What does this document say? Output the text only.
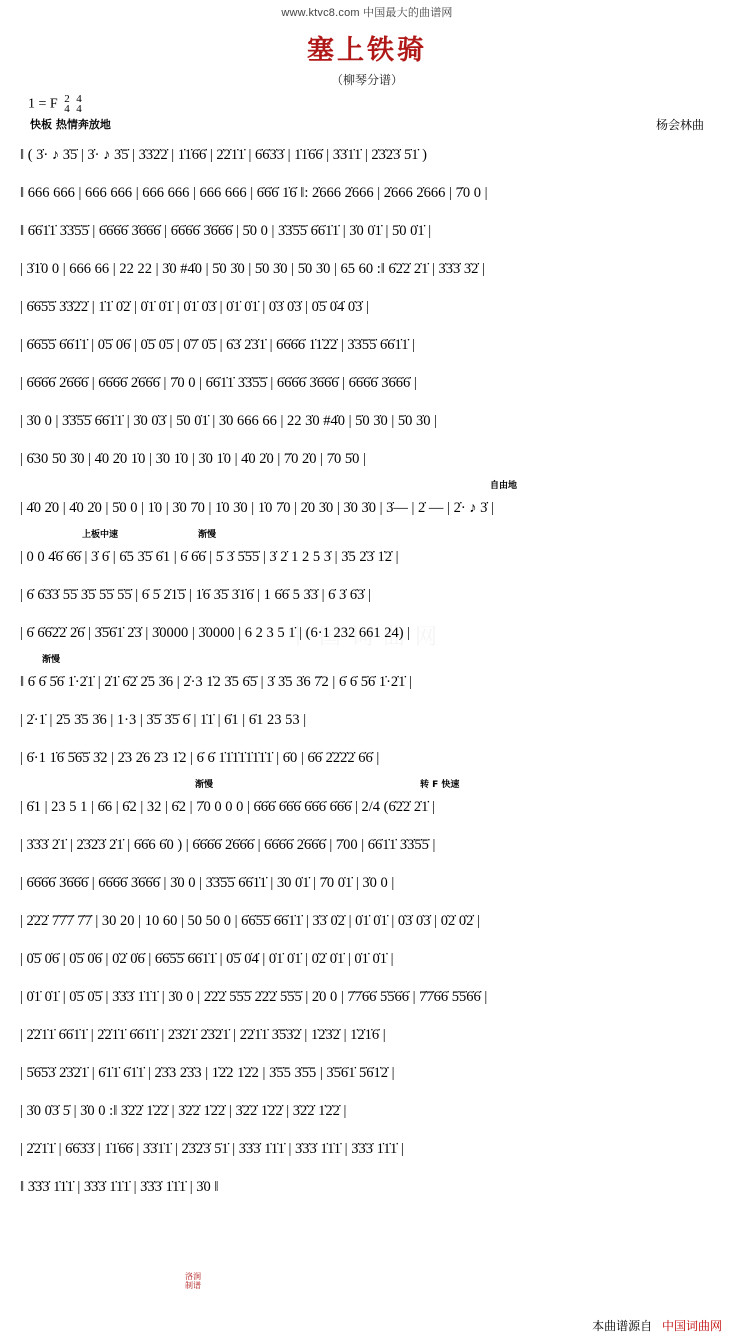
www.ktvc8.com 中国最大的曲谱网
塞上铁骑
（柳琴分谱）
1 = F 2
4 4
4
快板 热情奔放地	杨会林曲
‖ ( 3̇· ♪ 3̇5̇ | 3̇· ♪ 3̇5̇ | 3̇3̇2̇2̇ | 1̇1̇6̇6̇ | 2̇2̇1̇1̇ | 6̇6̇3̇3̇ | 1̇1̇6̇6̇ | 3̇3̇1̇1̇ | 2̇3̇2̇3̇ 5̇1̇ )
‖ 666 666 | 666 666 | 666 666 | 666 666 | 6̇6̇6̇ 1̇6̇ ‖: 2̇666 2̇666 | 2̇666 2̇666 | 7̇0 0 |
‖ 6̇6̇1̇1̇ 3̇3̇5̇5̇ | 6̇6̇6̇6̇ 3̇6̇6̇6̇ | 6̇6̇6̇6̇ 3̇6̇6̇6̇ | 5̇0 0 | 3̇3̇5̇5̇ 6̇6̇1̇1̇ | 3̇0 0̇1̇ | 5̇0 0̇1̇ |
| 3̇1̇0 0 | 666 66 | 22 22 | 3̇0 #4̇0 | 5̇0 3̇0 | 5̇0 3̇0 | 5̇0 3̇0 | 65 60 :‖ 6̇2̇2̇ 2̇1̇ | 3̇3̇3̇ 3̇2̇ |
| 6̇6̇5̇5̇ 3̇3̇2̇2̇ | 1̇1̇ 0̇2̇ | 0̇1̇ 0̇1̇ | 0̇1̇ 0̇3̇ | 0̇1̇ 0̇1̇ | 0̇3̇ 0̇3̇ | 0̇5̇ 0̇4̇ 0̇3̇ |
| 6̇6̇5̇5̇ 6̇6̇1̇1̇ | 0̇5̇ 0̇6̇ | 0̇5̇ 0̇5̇ | 0̇7̇ 0̇5̇ | 6̇3̇ 2̇3̇1̇ | 6̇6̇6̇6̇ 1̇1̇2̇2̇ | 3̇3̇5̇5̇ 6̇6̇1̇1̇ |
| 6̇6̇6̇6̇ 2̇6̇6̇6̇ | 6̇6̇6̇6̇ 2̇6̇6̇6̇ | 7̇0 0 | 6̇6̇1̇1̇ 3̇3̇5̇5̇ | 6̇6̇6̇6̇ 3̇6̇6̇6̇ | 6̇6̇6̇6̇ 3̇6̇6̇6̇ |
| 3̇0 0 | 3̇3̇5̇5̇ 6̇6̇1̇1̇ | 3̇0 0̇3̇ | 5̇0 0̇1̇ | 3̇0 666 66 | 22 3̇0 #4̇0 | 5̇0 3̇0 | 5̇0 3̇0 |
| 6̇30 5̇0 3̇0 | 4̇0 2̇0 1̇0 | 3̇0 1̇0 | 3̇0 1̇0 | 4̇0 2̇0 | 7̇0 2̇0 | 7̇0 5̇0 |
自由地
| 4̇0 2̇0 | 4̇0 2̇0 | 5̇0 0 | 1̇0 | 3̇0 7̇0 | 1̇0 3̇0 | 1̇0 7̇0 | 2̇0 3̇0 | 3̇0 3̇0 | 3̇— | 2̇ — | 2̇· ♪ 3̇ |
上板中速	渐慢
| 0 0 4̇6̇ 6̇6̇ | 3̇ 6̇ | 6̇5 3̇5̇ 6̇1 | 6̇ 6̇6̇ | 5̇ 3̇ 5̇5̇5̇ | 3̇ 2̇ 1 2 5 3̇ | 3̇5 2̇3̇ 1̇2̇ |
| 6̇ 6̇3̇3̇ 5̇5̇ 3̇5̇ 5̇5̇ 5̇5̇ | 6̇ 5̇ 2̇1̇5̇ | 1̇6̇ 3̇5̇ 3̇1̇6̇ | 1 6̇6̇ 5 3̇3̇ | 6̇ 3̇ 6̇3̇ |
| 6̇ 6̇6̇2̇2̇ 2̇6̇ | 3̇5̇6̇1̇ 2̇3̇ | 3̇0000 | 3̇0000 | 6 2 3 5 1̇ | (6·1 232 661 24) |
渐慢
‖ 6̇ 6̇ 5̇6̇ 1̇·2̇1̇ | 2̇1̇ 6̇2̇ 2̇5 3̇6 | 2̇·3 1̇2 3̇5 6̇5̇ | 3̇ 3̇5 3̇6 7̇2 | 6̇ 6̇ 5̇6̇ 1̇·2̇1̇ |
| 2̇·1̇ | 2̇5 3̇5 3̇6 | 1·3 | 3̇5̇ 3̇5̇ 6̇ | 1̇1̇ | 6̇1 | 6̇1 23 53 |
| 6̇·1 1̇6̇ 5̇6̇5̇ 3̇2 | 2̇3 2̇6 2̇3 1̇2 | 6̇ 6̇ 1̇1̇1̇1̇1̇1̇1̇1̇ | 6̇0 | 6̇6̇ 2̇2̇2̇2̇ 6̇6̇ |
渐慢	转 F 快速
| 6̇1 | 23 5 1 | 6̇6 | 6̇2 | 32 | 6̇2 | 7̇0 0 0 0 | 6̇6̇6̇ 6̇6̇6̇ 6̇6̇6̇ 6̇6̇6̇ | 2/4 (6̇2̇2̇ 2̇1̇ |
| 3̇3̇3̇ 2̇1̇ | 2̇3̇2̇3̇ 2̇1̇ | 6̇6̇6 6̇0 ) | 6̇6̇6̇6̇ 2̇6̇6̇6̇ | 6̇6̇6̇6̇ 2̇6̇6̇6̇ | 7̇00 | 6̇6̇1̇1̇ 3̇3̇5̇5̇ |
| 6̇6̇6̇6̇ 3̇6̇6̇6̇ | 6̇6̇6̇6̇ 3̇6̇6̇6̇ | 3̇0 0 | 3̇3̇5̇5̇ 6̇6̇1̇1̇ | 3̇0 0̇1̇ | 7̇0 0̇1̇ | 3̇0 0 |
| 2̇2̇2̇ 7̇7̇7̇ 7̇7̇ | 30 20 | 10 60 | 50 50 0 | 6̇6̇5̇5̇ 6̇6̇1̇1̇ | 3̇3̇ 0̇2̇ | 0̇1̇ 0̇1̇ | 0̇3̇ 0̇3̇ | 0̇2̇ 0̇2̇ |
| 0̇5̇ 0̇6̇ | 0̇5̇ 0̇6̇ | 0̇2̇ 0̇6̇ | 6̇6̇5̇5̇ 6̇6̇1̇1̇ | 0̇5̇ 0̇4̇ | 0̇1̇ 0̇1̇ | 0̇2̇ 0̇1̇ | 0̇1̇ 0̇1̇ |
| 0̇1̇ 0̇1̇ | 0̇5̇ 0̇5̇ | 3̇3̇3̇ 1̇1̇1̇ | 3̇0 0 | 2̇2̇2̇ 5̇5̇5̇ 2̇2̇2̇ 5̇5̇5̇ | 2̇0 0 | 7̇7̇6̇6̇ 5̇5̇6̇6̇ | 7̇7̇6̇6̇ 5̇5̇6̇6̇ |
| 2̇2̇1̇1̇ 6̇6̇1̇1̇ | 2̇2̇1̇1̇ 6̇6̇1̇1̇ | 2̇3̇2̇1̇ 2̇3̇2̇1̇ | 2̇2̇1̇1̇ 3̇5̇3̇2̇ | 1̇2̇3̇2̇ | 1̇2̇1̇6̇ |
| 5̇6̇5̇3̇ 2̇3̇2̇1̇ | 6̇1̇1̇ 6̇1̇1̇ | 2̇3̇3 2̇3̇3 | 1̇2̇2 1̇2̇2 | 3̇5̇5 3̇5̇5 | 3̇5̇6̇1̇ 5̇6̇1̇2̇ |
| 3̇0 0̇3̇ 5̇ | 3̇0 0 :‖ 3̇2̇2̇ 1̇2̇2̇ | 3̇2̇2̇ 1̇2̇2̇ | 3̇2̇2̇ 1̇2̇2̇ | 3̇2̇2̇ 1̇2̇2̇ |
| 2̇2̇1̇1̇ | 6̇6̇3̇3̇ | 1̇1̇6̇6̇ | 3̇3̇1̇1̇ | 2̇3̇2̇3̇ 5̇1̇ | 3̇3̇3̇ 1̇1̇1̇ | 3̇3̇3̇ 1̇1̇1̇ | 3̇3̇3̇ 1̇1̇1̇ |
‖ 3̇3̇3̇ 1̇1̇1̇ | 3̇3̇3̇ 1̇1̇1̇ | 3̇3̇3̇ 1̇1̇1̇ | 3̇0 ‖
洛涧
制谱
本曲谱源自 中国词曲网
